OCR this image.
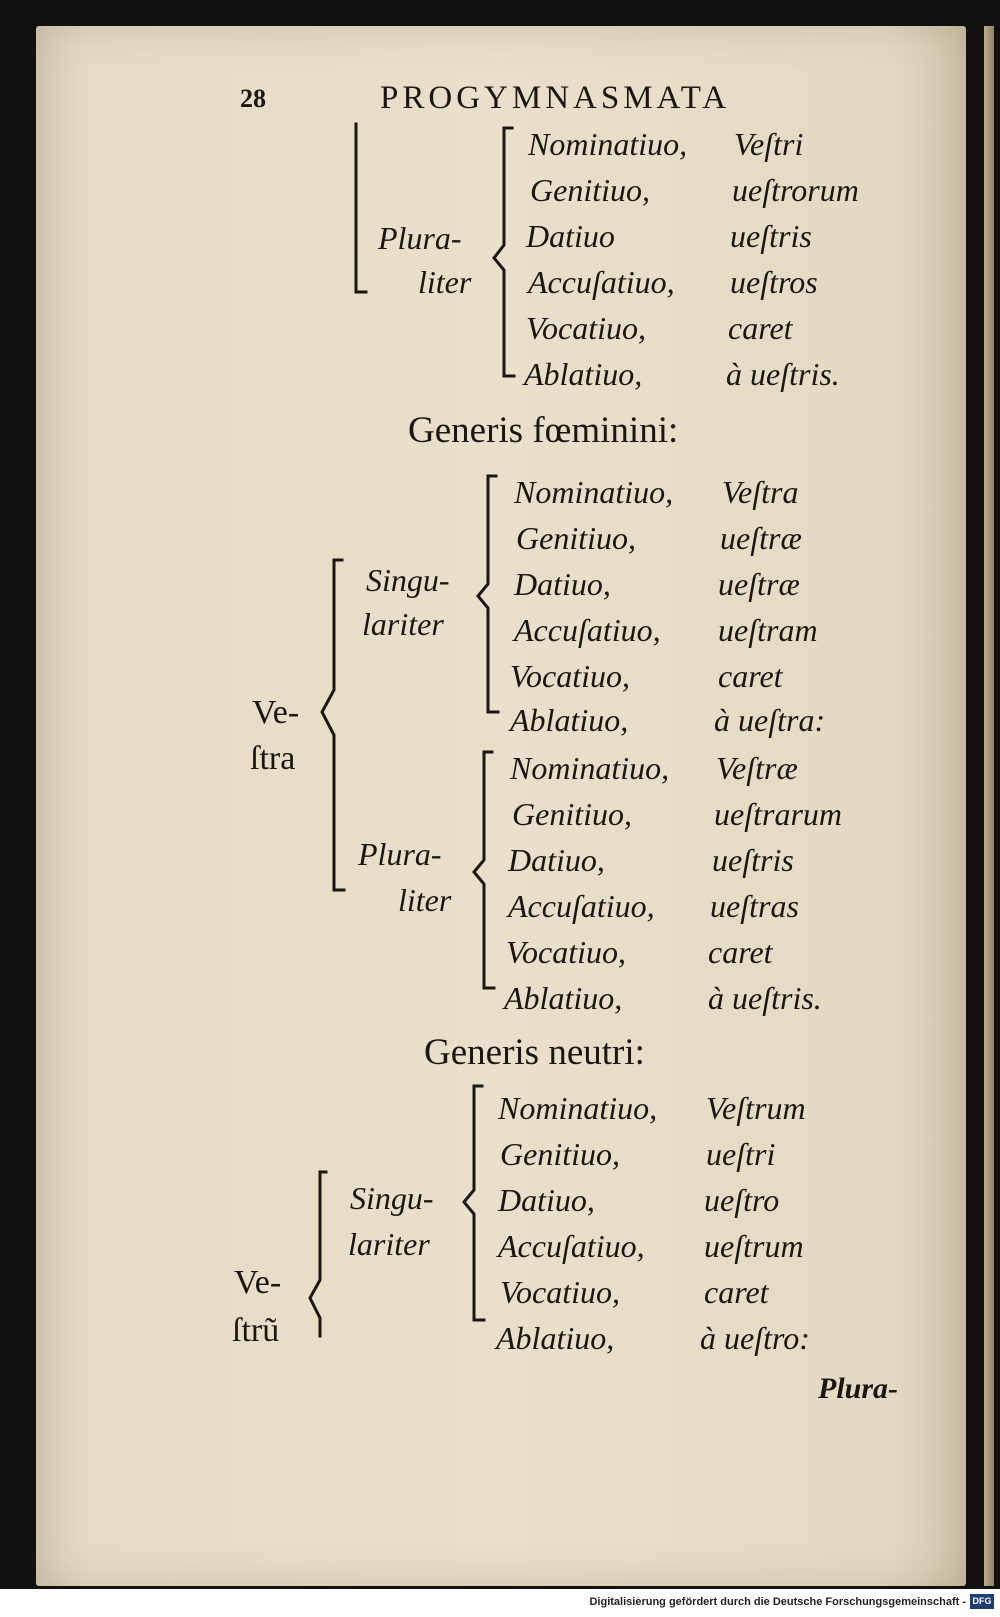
28	PROGYMNASMATA
Plura-
liter
Nominatiuo, Veſtri
Genitiuo,	ueſtrorum
Datiuo	ueſtris
Accuſatiuo, ueſtros
Vocatiuo,	caret
Ablatiuo,	à ueſtris.
Generis fœminini:
Ve-
ſtra
Singu-
lariter
Nominatiuo, Veſtra
Genitiuo,	ueſtræ
Datiuo,	ueſtræ
Accuſatiuo, ueſtram
Vocatiuo,	caret
Ablatiuo,	à ueſtra:
Plura-
liter
Nominatiuo, Veſtræ
Genitiuo,	ueſtrarum
Datiuo,	ueſtris
Accuſatiuo, ueſtras
Vocatiuo,	caret
Ablatiuo,	à ueſtris.
Generis neutri:
Ve-
ſtrũ
Singu-
lariter
Nominatiuo, Veſtrum
Genitiuo,	ueſtri
Datiuo,	ueſtro
Accuſatiuo, ueſtrum
Vocatiuo,	caret
Ablatiuo,	à ueſtro:
Plura-
Digitalisierung gefördert durch die Deutsche Forschungsgemeinschaft - DFG
